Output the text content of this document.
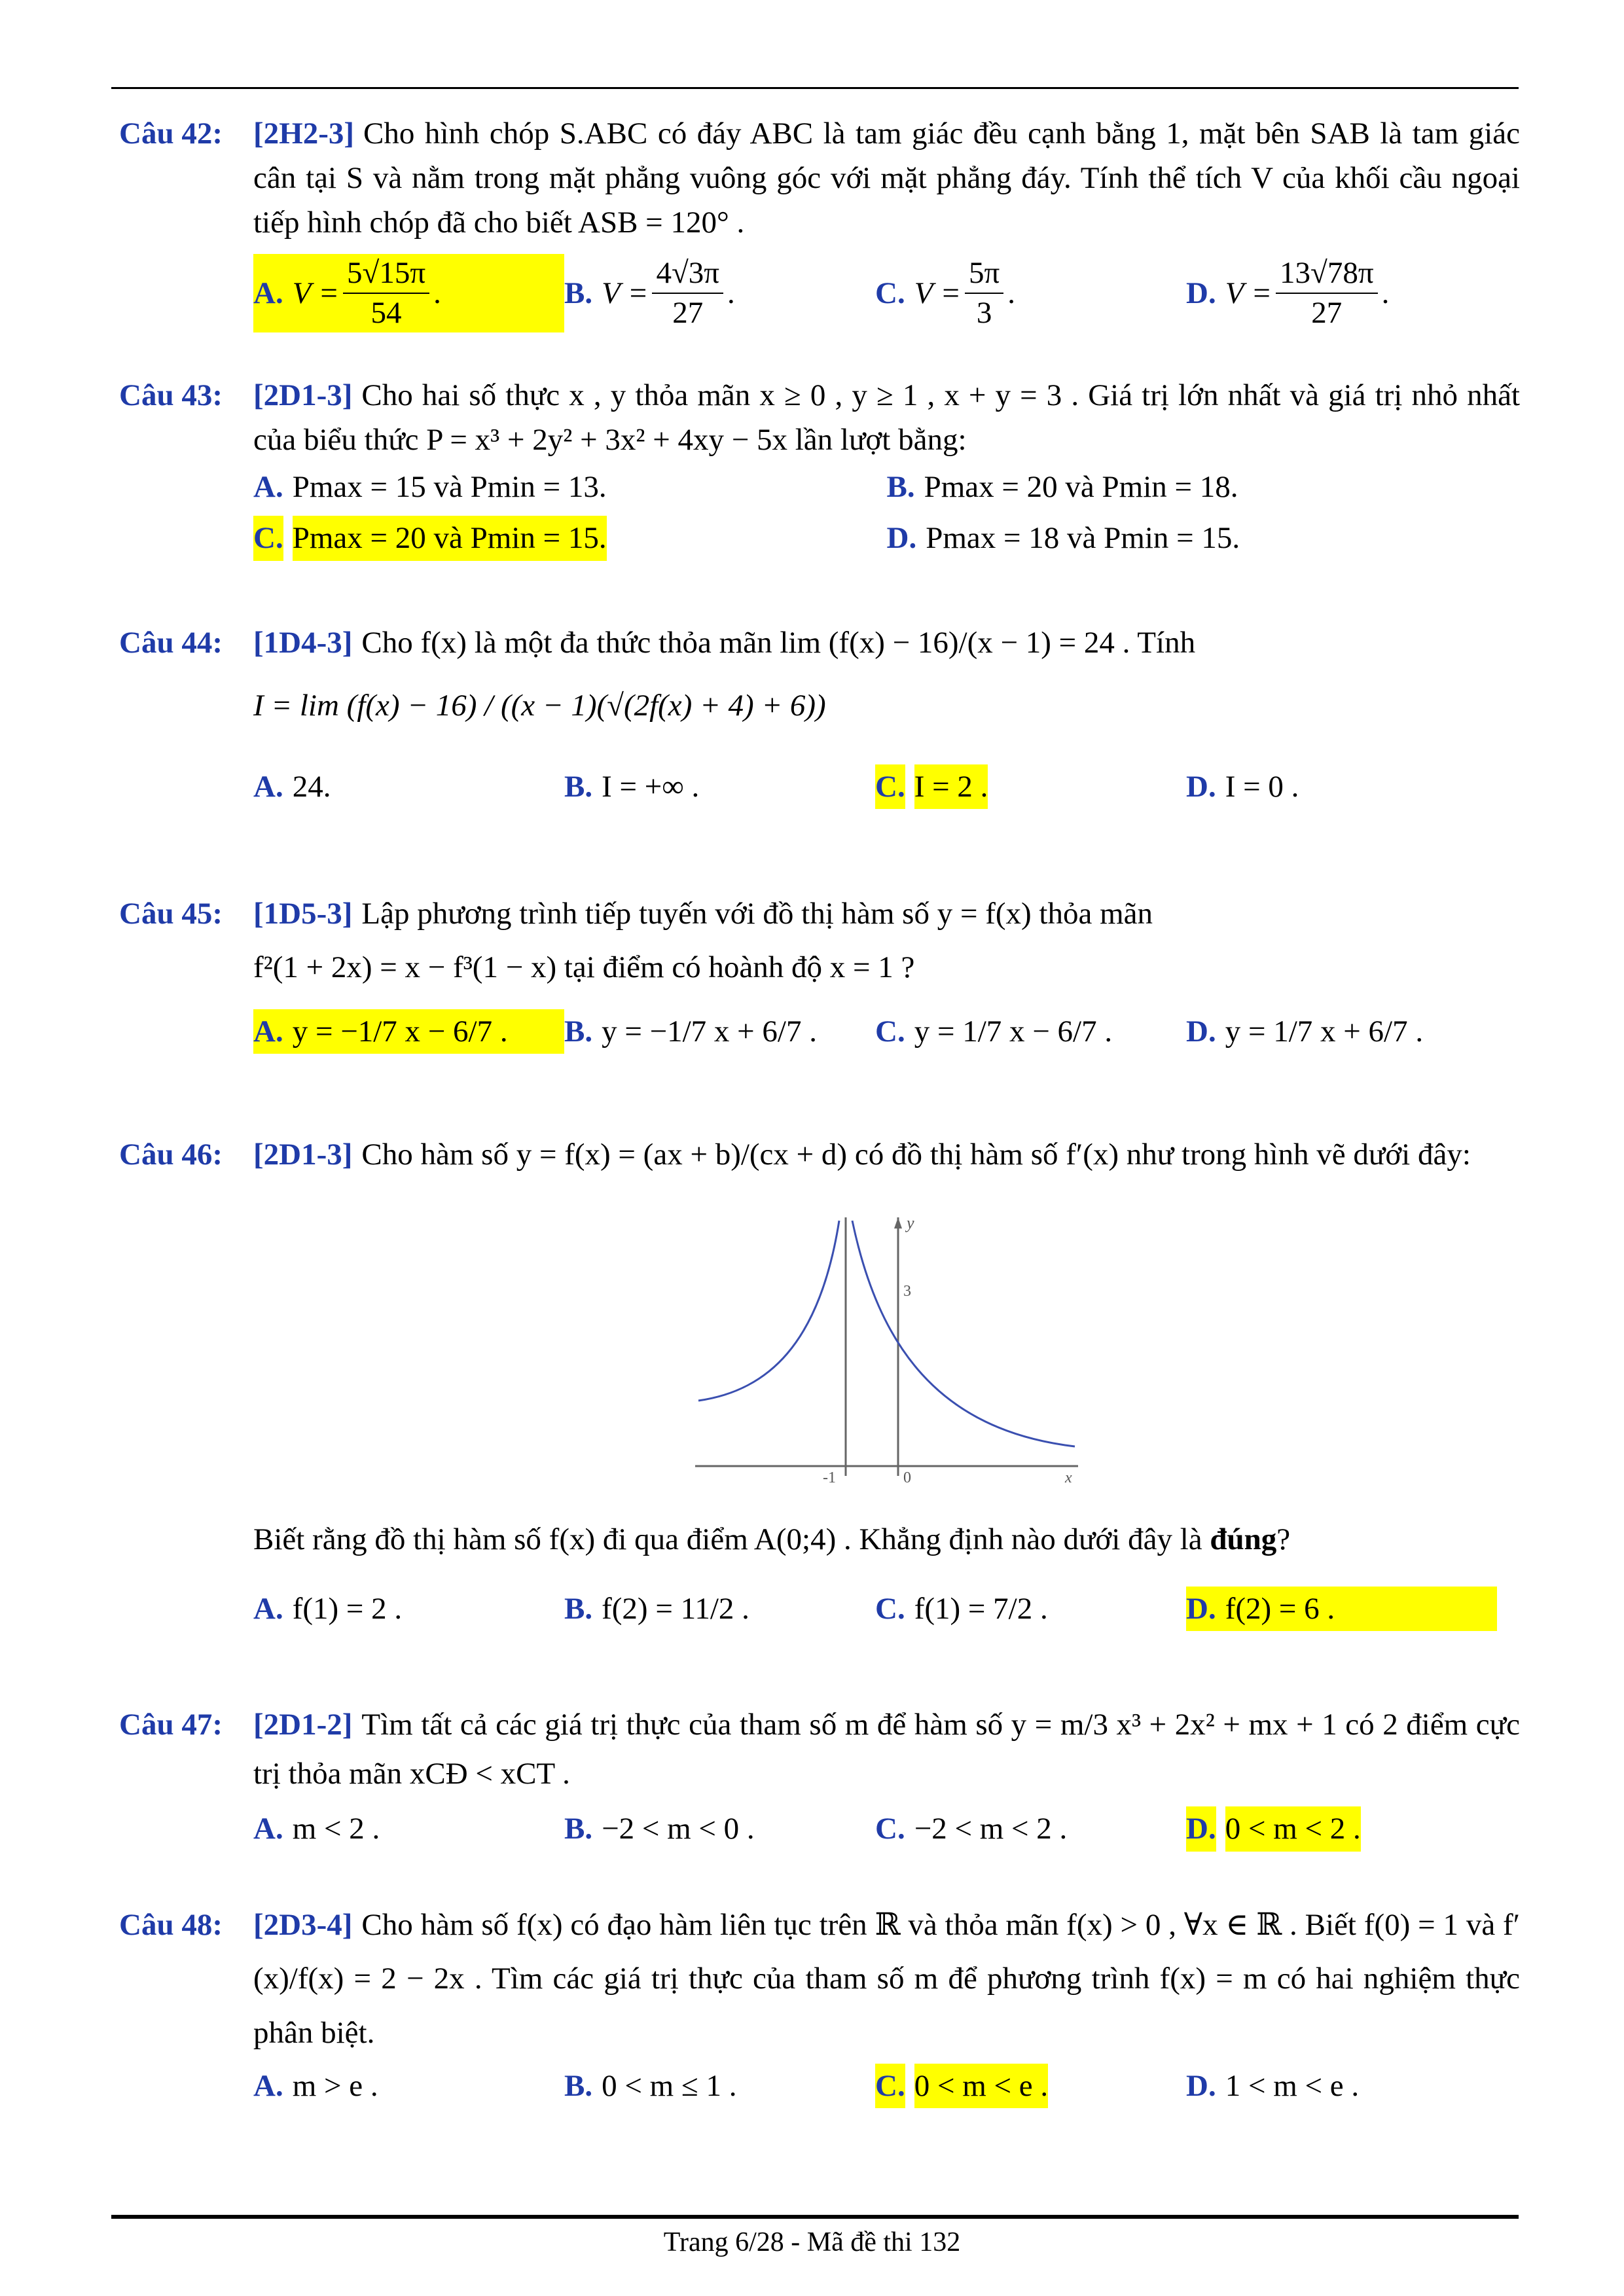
Câu 42:	[2H2-3] Cho hình chóp S.ABC có đáy ABC là tam giác đều cạnh bằng 1, mặt bên SAB là tam giác cân tại S và nằm trong mặt phẳng vuông góc với mặt phẳng đáy. Tính thể tích V của khối cầu ngoại tiếp hình chóp đã cho biết ASB = 120° .
A. $V = \frac{5√15\pi}{54}$ .	B. $V = \frac{4√3\pi}{27}$ .	C. $V = \frac{5\pi}{3}$ .	D. $V = \frac{13√78\pi}{27}$ .
Câu 43:	[2D1-3] Cho hai số thực x , y thỏa mãn x ≥ 0 , y ≥ 1 , x + y = 3 . Giá trị lớn nhất và giá trị nhỏ nhất của biểu thức P = x³ + 2y² + 3x² + 4xy − 5x lần lượt bằng:
A. Pmax = 15 và Pmin = 13.	B. Pmax = 20 và Pmin = 18.
C. Pmax = 20 và Pmin = 15.	D. Pmax = 18 và Pmin = 15.
Câu 44:	[1D4-3] Cho f(x) là một đa thức thỏa mãn lim (f(x) − 16)/(x − 1) = 24 . Tính
I = lim (f(x) − 16) / ((x − 1)(√(2f(x) + 4) + 6))
A. 24.	B. I = +∞ .	C. I = 2 .	D. I = 0 .
Câu 45:	[1D5-3] Lập phương trình tiếp tuyến với đồ thị hàm số y = f(x) thỏa mãn
f²(1 + 2x) = x − f³(1 − x) tại điểm có hoành độ x = 1 ?
A. y = −1/7 x − 6/7 . B. y = −1/7 x + 6/7 . C. y = 1/7 x − 6/7 . D. y = 1/7 x + 6/7 .
Câu 46:	[2D1-3] Cho hàm số y = f(x) = (ax + b)/(cx + d) có đồ thị hàm số f′(x) như trong hình vẽ dưới đây:
y
3
0
-1	x
Biết rằng đồ thị hàm số f(x) đi qua điểm A(0;4) . Khẳng định nào dưới đây là đúng?
A. f(1) = 2 .	B. f(2) = 11/2 .	C. f(1) = 7/2 .	D. f(2) = 6 .
Câu 47:	[2D1-2] Tìm tất cả các giá trị thực của tham số m để hàm số y = m/3 x³ + 2x² + mx + 1 có 2 điểm cực trị thỏa mãn xCĐ < xCT .
A. m < 2 .	B. −2 < m < 0 .	C. −2 < m < 2 .	D. 0 < m < 2 .
Câu 48:	[2D3-4] Cho hàm số f(x) có đạo hàm liên tục trên ℝ và thỏa mãn f(x) > 0 , ∀x ∈ ℝ . Biết f(0) = 1 và f′(x)/f(x) = 2 − 2x . Tìm các giá trị thực của tham số m để phương trình f(x) = m có hai nghiệm thực phân biệt.
A. m > e .	B. 0 < m ≤ 1 .	C. 0 < m < e .	D. 1 < m < e .
Trang 6/28 - Mã đề thi 132
